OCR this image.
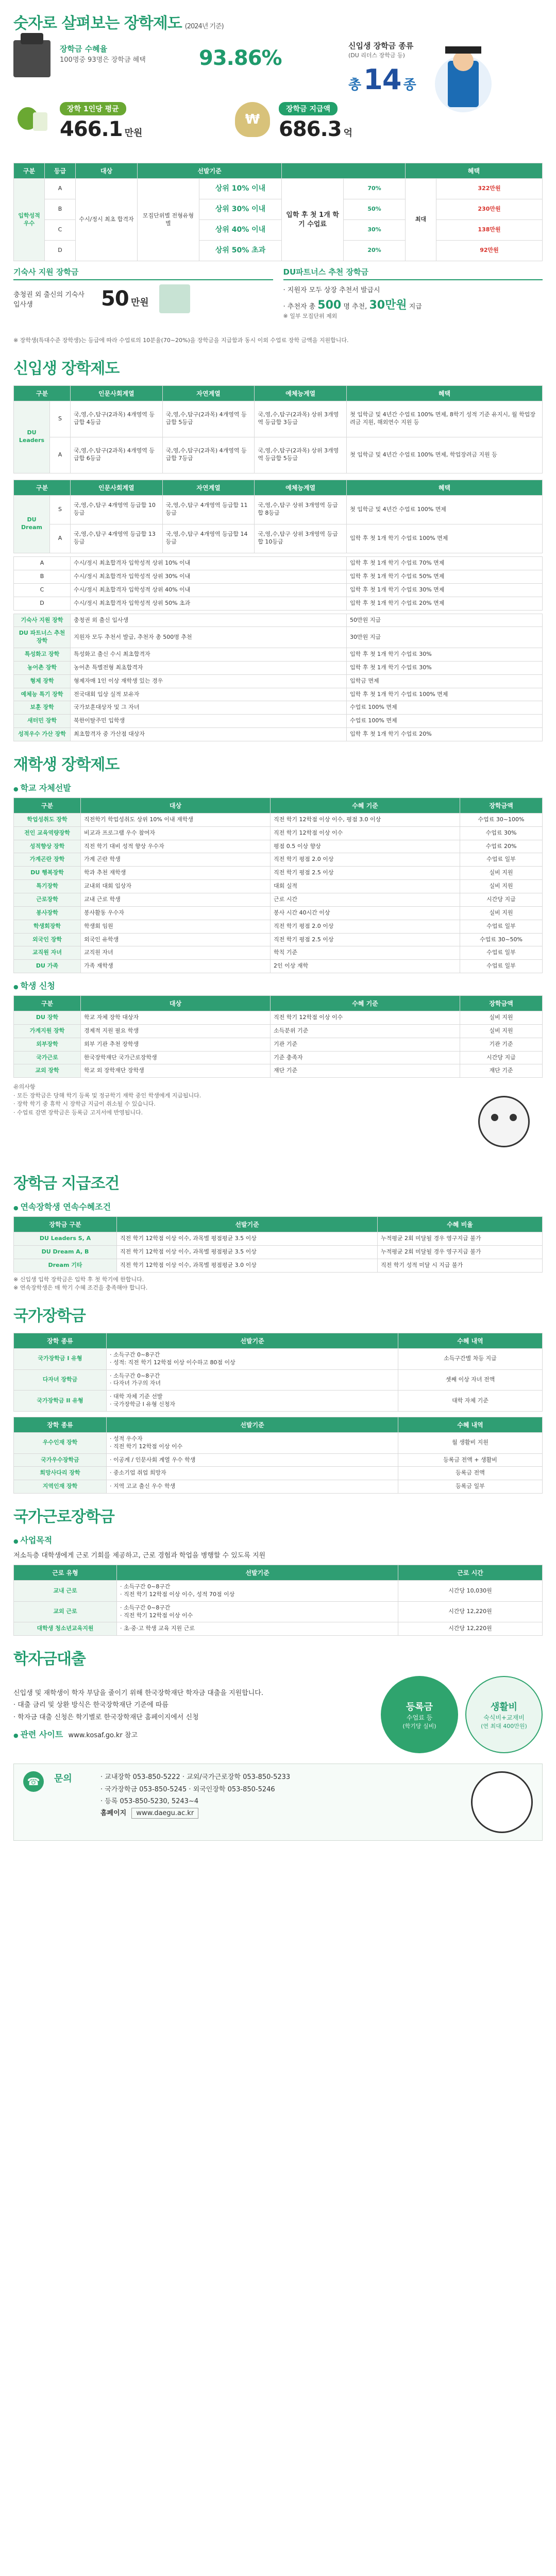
숫자로 살펴보는 장학제도 (2024년 기준)
장학금 수혜율
100명중 93명은 장학금 혜택	93.86%
신입생 장학금 종류
(DU 리더스 장학금 등)
총 14 종
장학 1인당 평균
466.1 만원
₩
장학금 지급액
686.3 억
구분	등급	대상	선발기준				혜택	
입학성적우수	A	수시/정시 최초 합격자	모집단위별 전형유형별	상위 10% 이내	입학 후 첫 1개 학기 수업료	70%	최대	322만원
	B			상위 30% 이내		50%		230만원
	C			상위 40% 이내		30%		138만원
	D			상위 50% 초과		20%		92만원
기숙사 지원 장학금
충청권 외 출신의 기숙사 입사생	50 만원
DU파트너스 추천 장학금
· 지원자 모두 상장 추천서 발급시
· 추천자 총 500 명 추천, 30만원 지급
※ 일부 모집단위 제외
※ 장학생(특대수준 장학생)는 등급에 따라 수업료의 10분율(70~20%)을 장학금을 지급함과 동시 이외 수업료 장학 금액을 지원합니다.
신입생 장학제도
구분		인문사회계열	자연계열	예체능계열	혜택
DU Leaders	S	국,영,수,탐구(2과목) 4개영역 등급합 4등급	국,영,수,탐구(2과목) 4개영역 등급합 5등급	국,영,수,탐구(2과목) 상위 3개영역 등급합 3등급	첫 입학금 및 4년간 수업료 100% 면제, 8학기 성적 기준 유지시, 월 학업장려금 지원, 해외연수 지원 등
	A	국,영,수,탐구(2과목) 4개영역 등급합 6등급	국,영,수,탐구(2과목) 4개영역 등급합 7등급	국,영,수,탐구(2과목) 상위 3개영역 등급합 5등급	첫 입학금 및 4년간 수업료 100% 면제, 학업장려금 지원 등
구분		인문사회계열	자연계열	예체능계열	혜택
DU Dream	S	국,영,수,탐구 4개영역 등급합 10등급	국,영,수,탐구 4개영역 등급합 11등급	국,영,수,탐구 상위 3개영역 등급합 8등급	첫 입학금 및 4년간 수업료 100% 면제
	A	국,영,수,탐구 4개영역 등급합 13등급	국,영,수,탐구 4개영역 등급합 14등급	국,영,수,탐구 상위 3개영역 등급합 10등급	입학 후 첫 1개 학기 수업료 100% 면제
A	수시/정시 최초합격자 입학성적 상위 10% 이내	입학 후 첫 1개 학기 수업료 70% 면제
B	수시/정시 최초합격자 입학성적 상위 30% 이내	입학 후 첫 1개 학기 수업료 50% 면제
C	수시/정시 최초합격자 입학성적 상위 40% 이내	입학 후 첫 1개 학기 수업료 30% 면제
D	수시/정시 최초합격자 입학성적 상위 50% 초과	입학 후 첫 1개 학기 수업료 20% 면제
기숙사 지원 장학	충청권 외 출신 입사생	50만원 지급
DU 파트너스 추천 장학	지원자 모두 추천서 발급, 추천자 총 500명 추천	30만원 지급
특성화고 장학	특성화고 출신 수시 최초합격자	입학 후 첫 1개 학기 수업료 30%
농어촌 장학	농어촌 특별전형 최초합격자	입학 후 첫 1개 학기 수업료 30%
형제 장학	형제자매 1인 이상 재학생 있는 경우	입학금 면제
예체능 특기 장학	전국대회 입상 실적 보유자	입학 후 첫 1개 학기 수업료 100% 면제
보훈 장학	국가보훈대상자 및 그 자녀	수업료 100% 면제
새터민 장학	북한이탈주민 입학생	수업료 100% 면제
성적우수 가산 장학	최초합격자 중 가산점 대상자	입학 후 첫 1개 학기 수업료 20%
재학생 장학제도
● 학교 자체선발
구분	대상	수혜 기준	장학금액
학업성취도 장학	직전학기 학업성취도 상위 10% 이내 재학생	직전 학기 12학점 이상 이수, 평점 3.0 이상	수업료 30~100%
전인 교육역량장학	비교과 프로그램 우수 참여자	직전 학기 12학점 이상 이수	수업료 30%
성적향상 장학	직전 학기 대비 성적 향상 우수자	평점 0.5 이상 향상	수업료 20%
가계곤란 장학	가계 곤란 학생	직전 학기 평점 2.0 이상	수업료 일부
DU 행복장학	학과 추천 재학생	직전 학기 평점 2.5 이상	실비 지원
특기장학	교내외 대회 입상자	대회 실적	실비 지원
근로장학	교내 근로 학생	근로 시간	시간당 지급
봉사장학	봉사활동 우수자	봉사 시간 40시간 이상	실비 지원
학생회장학	학생회 임원	직전 학기 평점 2.0 이상	수업료 일부
외국인 장학	외국인 유학생	직전 학기 평점 2.5 이상	수업료 30~50%
교직원 자녀	교직원 자녀	학칙 기준	수업료 일부
DU 가족	가족 재학생	2인 이상 재학	수업료 일부
● 학생 신청
구분	대상	수혜 기준	장학금액
DU 장학	학교 자체 장학 대상자	직전 학기 12학점 이상 이수	실비 지원
가계지원 장학	경제적 지원 필요 학생	소득분위 기준	실비 지원
외부장학	외부 기관 추천 장학생	기관 기준	기관 기준
국가근로	한국장학재단 국가근로장학생	기준 충족자	시간당 지급
교외 장학	학교 외 장학재단 장학생	재단 기준	재단 기준
유의사항
· 모든 장학금은 당해 학기 등록 및 정규학기 재학 중인 학생에게 지급됩니다.
· 장학 학기 중 휴학 시 장학금 지급이 취소될 수 있습니다.
· 수업료 감면 장학금은 등록금 고지서에 반영됩니다.
장학금 지급조건
● 연속장학생 연속수혜조건
장학금 구분	선발기준	수혜 비율
DU Leaders S, A	직전 학기 12학점 이상 이수, 과목별 평점평균 3.5 이상	누적평균 2회 미달될 경우 영구지급 불가
DU Dream A, B	직전 학기 12학점 이상 이수, 과목별 평점평균 3.5 이상	누적평균 2회 미달될 경우 영구지급 불가
Dream 기타	직전 학기 12학점 이상 이수, 과목별 평점평균 3.0 이상	직전 학기 성적 미달 시 지급 불가
※ 신입생 입학 장학금은 입학 후 첫 학기에 한합니다.
※ 연속장학생은 매 학기 수혜 조건을 충족해야 합니다.
국가장학금
장학 종류	선발기준	수혜 내역
국가장학금 I 유형	· 소득구간 0~8구간
· 성적: 직전 학기 12학점 이상 이수하고 80점 이상	소득구간별 차등 지급
다자녀 장학금	· 소득구간 0~8구간
· 다자녀 가구의 자녀	셋째 이상 자녀 전액
국가장학금 II 유형	· 대학 자체 기준 선발
· 국가장학금 I 유형 신청자	대학 자체 기준
장학 종류	선발기준	수혜 내역
우수인재 장학	· 성적 우수자
· 직전 학기 12학점 이상 이수	월 생활비 지원
국가우수장학금	· 이공계 / 인문사회 계열 우수 학생	등록금 전액 + 생활비
희망사다리 장학	· 중소기업 취업 희망자	등록금 전액
지역인재 장학	· 지역 고교 출신 우수 학생	등록금 일부
국가근로장학금
● 사업목적
저소득층 대학생에게 근로 기회를 제공하고, 근로 경험과 학업을 병행할 수 있도록 지원
근로 유형	선발기준	근로 시간
교내 근로	· 소득구간 0~8구간
· 직전 학기 12학점 이상 이수, 성적 70점 이상	시간당 10,030원
교외 근로	· 소득구간 0~8구간
· 직전 학기 12학점 이상 이수	시간당 12,220원
대학생 청소년교육지원	· 초·중·고 학생 교육 지원 근로	시간당 12,220원
학자금대출
신입생 및 재학생이 학자 부담을 줄이기 위해 한국장학재단 학자금 대출을 지원합니다.
· 대출 금리 및 상환 방식은 한국장학재단 기준에 따름
· 학자금 대출 신청은 학기별로 한국장학재단 홈페이지에서 신청
● 관련 사이트 www.kosaf.go.kr 참고
등록금
수업료 등
(학기당 실비)
생활비
숙식비+교재비
(연 최대 400만원)
☎	문의	· 교내장학 053-850-5222 · 교외/국가근로장학 053-850-5233
· 국가장학금 053-850-5245 · 외국인장학 053-850-5246
· 등록 053-850-5230, 5243~4
홈페이지 www.daegu.ac.kr
